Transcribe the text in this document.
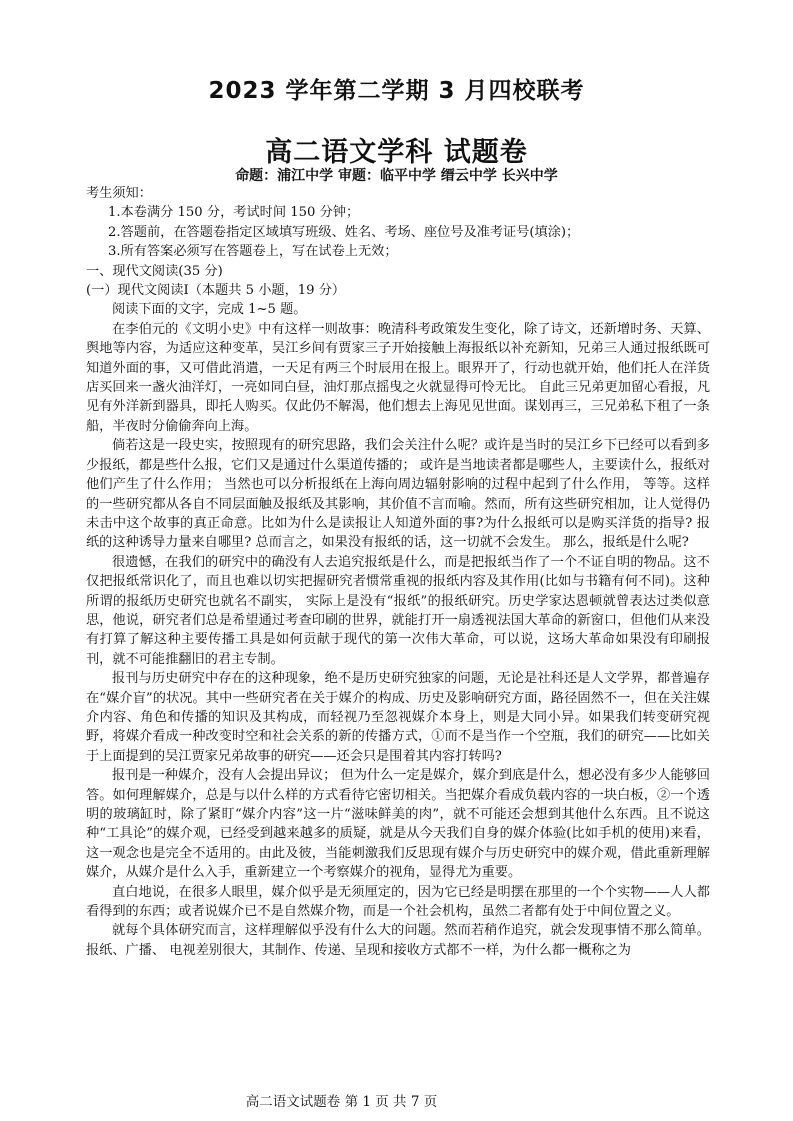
2023 学年第二学期 3 月四校联考
高二语文学科 试题卷
命题：浦江中学 审题：临平中学 缙云中学 长兴中学

考生须知：

1.本卷满分 150 分，考试时间 150 分钟；

2.答题前，在答题卷指定区域填写班级、姓名、考场、座位号及准考证号(填涂)；

3.所有答案必须写在答题卷上，写在试卷上无效；

一、现代文阅读(35 分)

(一）现代文阅读Ⅰ（本题共 5 小题，19 分）

阅读下面的文字，完成 1~5 题。

在李伯元的《文明小史》中有这样一则故事：晚清科考政策发生变化，除了诗文，还新增时务、天算、舆地等内容，为适应这种变革，吴江乡间有贾家三子开始接触上海报纸以补充新知，兄弟三人通过报纸既可知道外面的事，又可借此消遣，一天足有两三个时辰用在报上。眼界开了，行动也就开始，他们托人在洋货店买回来一盏火油洋灯，一亮如同白昼，油灯那点摇曳之火就显得可怜无比。 自此三兄弟更加留心看报，凡见有外洋新到器具，即托人购买。仅此仍不解渴，他们想去上海见见世面。谋划再三，三兄弟私下租了一条船，半夜时分偷偷奔向上海。

倘若这是一段史实，按照现有的研究思路，我们会关注什么呢？或许是当时的吴江乡下已经可以看到多少报纸，都是些什么报，它们又是通过什么渠道传播的； 或许是当地读者都是哪些人，主要读什么，报纸对他们产生了什么作用； 当然也可以分析报纸在上海向周边辐射影响的过程中起到了什么作用， 等等。这样的一些研究都从各自不同层面触及报纸及其影响，其价值不言而喻。然而，所有这些研究相加，让人觉得仍未击中这个故事的真正命意。比如为什么是读报让人知道外面的事?为什么报纸可以是购买洋货的指导? 报纸的这种诱导力量来自哪里? 总而言之，如果没有报纸的话，这一切就不会发生。 那么，报纸是什么呢?

很遗憾，在我们的研究中的确没有人去追究报纸是什么，而是把报纸当作了一个不证自明的物品。这不仅把报纸常识化了，而且也难以切实把握研究者惯常重视的报纸内容及其作用(比如与书籍有何不同)。这种所谓的报纸历史研究也就名不副实， 实际上是没有“报纸”的报纸研究。历史学家达恩顿就曾表达过类似意思，他说，研究者们总是希望通过考查印刷的世界，就能打开一扇透视法国大革命的新窗口，但他们从来没有打算了解这种主要传播工具是如何贡献于现代的第一次伟大革命，可以说，这场大革命如果没有印刷报刊，就不可能推翻旧的君主专制。

报刊与历史研究中存在的这种现象，绝不是历史研究独家的问题，无论是社科还是人文学界，都普遍存在“媒介盲”的状况。其中一些研究者在关于媒介的构成、历史及影响研究方面，路径固然不一，但在关注媒介内容、角色和传播的知识及其构成，而轻视乃至忽视媒介本身上，则是大同小异。如果我们转变研究视野，将媒介看成一种改变时空和社会关系的新的传播方式，①而不是当作一个空瓶，我们的研究——比如关于上面提到的吴江贾家兄弟故事的研究——还会只是围着其内容打转吗?

报刊是一种媒介，没有人会提出异议； 但为什么一定是媒介，媒介到底是什么，想必没有多少人能够回答。如何理解媒介，总是与以什么样的方式看待它密切相关。当把媒介看成负载内容的一块白板，②一个透明的玻璃缸时，除了紧盯“媒介内容”这一片“滋味鲜美的肉”，就不可能还会想到其他什么东西。且不说这种“工具论”的媒介观，已经受到越来越多的质疑，就是从今天我们自身的媒介体验(比如手机的使用)来看，这一观念也是完全不适用的。由此及彼，当能刺激我们反思现有媒介与历史研究中的媒介观，借此重新理解媒介，从媒介是什么入手，重新建立一个考察媒介的视角，显得尤为重要。

直白地说，在很多人眼里，媒介似乎是无须厘定的，因为它已经是明摆在那里的一个个实物——人人都看得到的东西；或者说媒介已不是自然媒介物，而是一个社会机构，虽然二者都有处于中间位置之义。

就每个具体研究而言，这样理解似乎没有什么大的问题。然而若稍作追究，就会发现事情不那么简单。报纸、广播、 电视差别很大，其制作、传递、呈现和接收方式都不一样，为什么都一概称之为

高二语文试题卷 第 1 页 共 7 页
